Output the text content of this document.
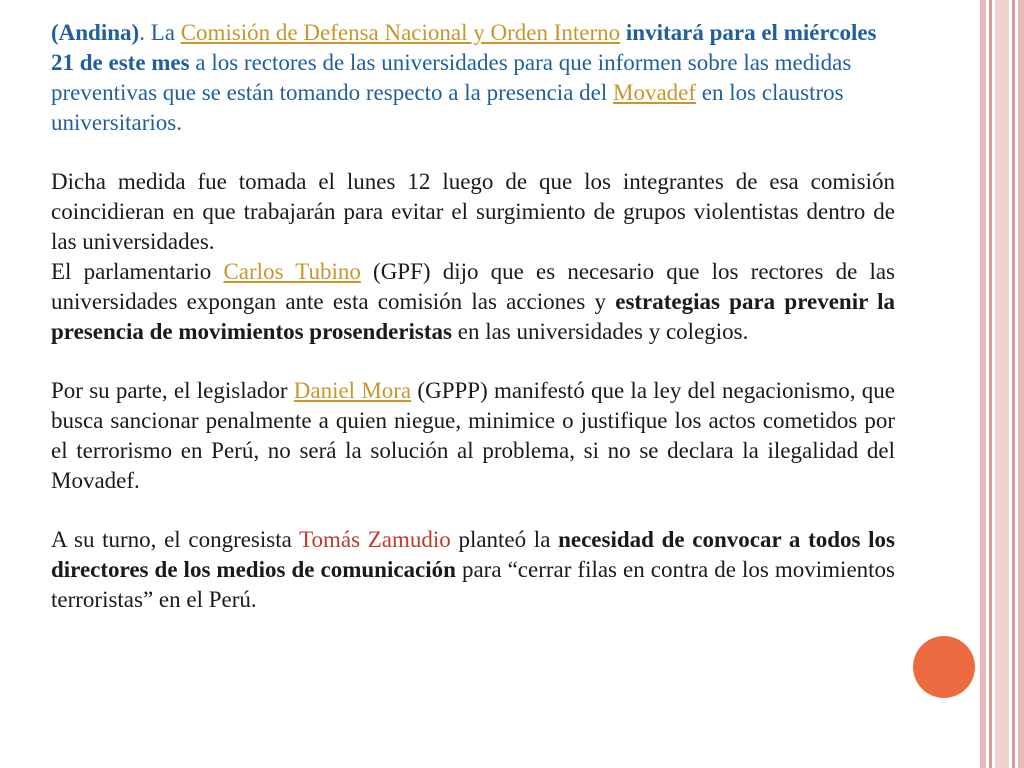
(Andina). La Comisión de Defensa Nacional y Orden Interno invitará para el miércoles 21 de este mes a los rectores de las universidades para que informen sobre las medidas preventivas que se están tomando respecto a la presencia del Movadef en los claustros universitarios.

Dicha medida fue tomada el lunes 12 luego de que los integrantes de esa comisión coincidieran en que trabajarán para evitar el surgimiento de grupos violentistas dentro de las universidades.

El parlamentario Carlos Tubino (GPF) dijo que es necesario que los rectores de las universidades expongan ante esta comisión las acciones y estrategias para prevenir la presencia de movimientos prosenderistas en las universidades y colegios.

Por su parte, el legislador Daniel Mora (GPPP) manifestó que la ley del negacionismo, que busca sancionar penalmente a quien niegue, minimice o justifique los actos cometidos por el terrorismo en Perú, no será la solución al problema, si no se declara la ilegalidad del Movadef.

A su turno, el congresista Tomás Zamudio planteó la necesidad de convocar a todos los directores de los medios de comunicación para “cerrar filas en contra de los movimientos terroristas” en el Perú.
